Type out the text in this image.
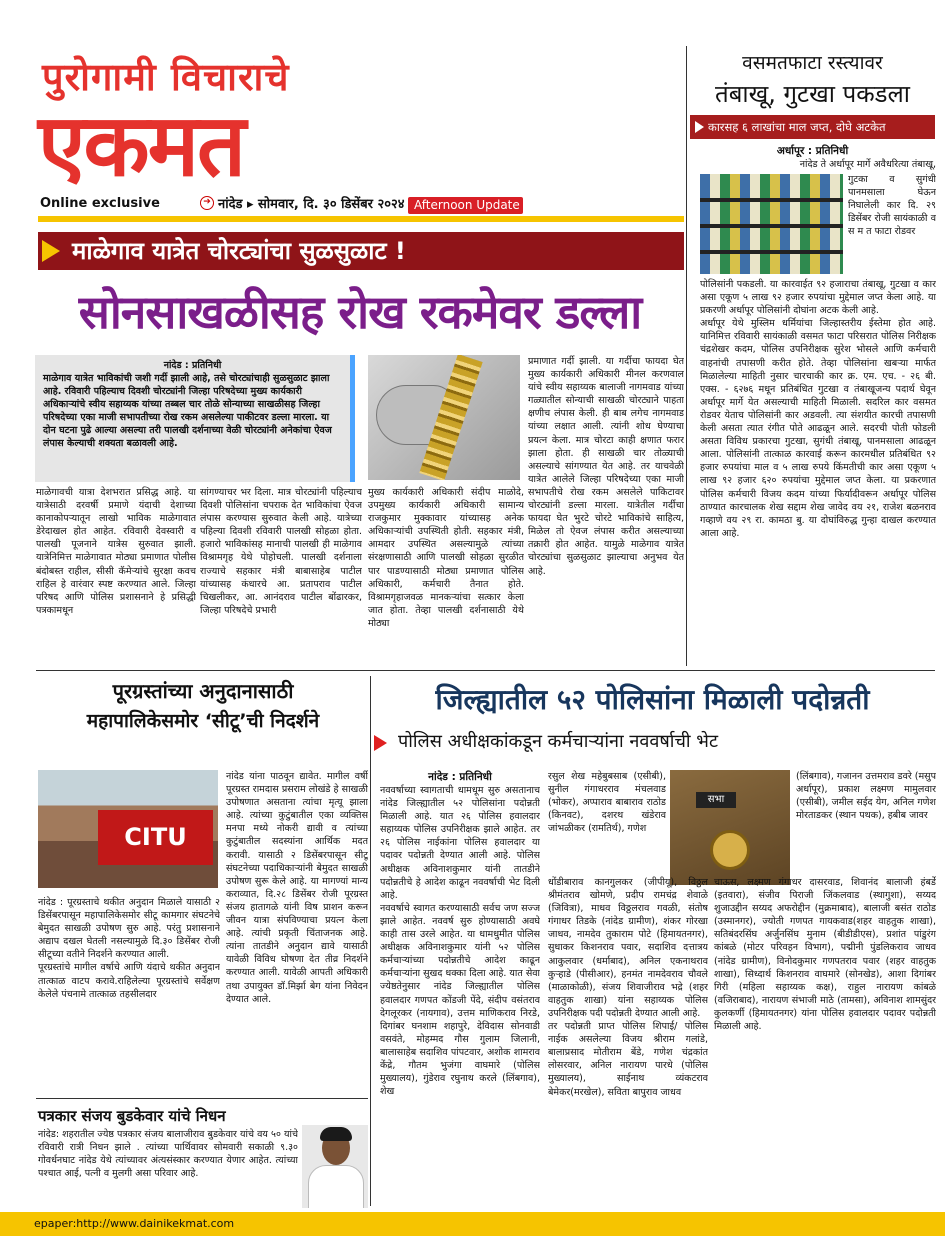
पुरोगामी विचाराचे
एकमत
Online exclusive	➔ नांदेड ▸ सोमवार, दि. ३० डिसेंबर २०२४ Afternoon Update
माळेगाव यात्रेत चोरट्यांचा सुळसुळाट !
सोनसाखळीसह रोख रकमेवर डल्ला
नांदेड : प्रतिनिधी
माळेगाव यात्रेत भाविकांची जशी गर्दी झाली आहे, तसे चोरट्यांचाही सुळसुळाट झाला आहे. रविवारी पहिल्याच दिवशी चोरट्यांनी जिल्हा परिषदेच्या मुख्य कार्यकारी अधिकाऱ्यांचे स्वीय सहाय्यक यांच्या तब्बल चार तोळे सोन्याच्या साखळीसह जिल्हा परिषदेच्या एका माजी सभापतीच्या रोख रकम असलेल्या पाकीटवर डल्ला मारला. या दोन घटना पुढे आल्या असल्या तरी पालखी दर्शनाच्या वेळी चोरट्यांनी अनेकांचा ऐवज लंपास केल्याची शक्यता बळावली आहे.
प्रमाणात गर्दी झाली. या गर्दीचा फायदा घेत मुख्य कार्यकारी अधिकारी मीनल करणवाल यांचे स्वीय सहाय्यक बालाजी नागमवाड यांच्या गळ्यातील सोन्याची साखळी चोरट्याने पाहता क्षणीच लंपास केली. ही बाब लगेच नागमवाड यांच्या लक्षात आली. त्यांनी शोध घेण्याचा प्रयत्न केला. मात्र चोरटा काही क्षणात फरार झाला होता. ही साखळी चार तोळ्याची असल्याचे सांगण्यात येत आहे. तर याचवेळी यात्रेत आलेले जिल्हा परिषदेच्या एका माजी सभापतीचे रोख रकम असलेले पाकिटावर चोरट्यांनी डल्ला मारला. यात्रेतील गर्दीचा फायदा घेत भुरटे चोरटे भाविकांचे साहित्य, मिळेल तो ऐवज लंपास करीत असल्याच्या तक्रारी होत आहेत. यामुळे माळेगाव यात्रेत चोरट्यांचा सुळसुळाट झाल्याचा अनुभव येत आहे.
माळेगावची यात्रा देशभरात प्रसिद्ध आहे. या यात्रेसाठी दरवर्षी प्रमाणे यंदाची देशाच्या कानाकोपऱ्यातून लाखो भाविक माळेगावात डेरेदाखल होत आहेत. रविवारी देवस्वारी व पालखी पूजनाने यात्रेस सुरुवात झाली. यात्रेनिमित्त माळेगावात मोठ्या प्रमाणात पोलीस बंदोबस्त राहील, सीसी कॅमेऱ्यांचे सुरक्षा कवच राहिल हे वारंवार स्पष्ट करण्यात आले. जिल्हा परिषद आणि पोलिस प्रशासनाने हे प्रसिद्धी पत्रकामधून
सांगण्याचर भर दिला. मात्र चोरट्यांनी पहिल्याच दिवशी पोलिसांना चपराक देत भाविकांचा ऐवज लंपास करण्यास सुरुवात केली आहे. यात्रेच्या पहिल्या दिवशी रविवारी पालखी सोहळा होता. हजारो भाविकांसह मानाची पालखी ही माळेगाव विश्रामगृह येथे पोहोचली. पालखी दर्शनाला राज्याचे सहकार मंत्री बाबासाहेब पाटील यांच्यासह कंधारचे आ. प्रतापराव पाटील चिखलीकर, आ. आनंदराव पाटील बोंढारकर, जिल्हा परिषदेचे प्रभारी
मुख्य कार्यकारी अधिकारी संदीप माळोदे, उपमुख्य कार्यकारी अधिकारी सामान्य राजकुमार मुक्कावार यांच्यासह अनेक अधिकाऱ्यांची उपस्थिती होती. सहकार मंत्री, आमदार उपस्थित असल्यामुळे त्यांच्या संरक्षणासाठी आणि पालखी सोहळा सुरळीत पार पाडण्यासाठी मोठ्या प्रमाणात पोलिस अधिकारी, कर्मचारी तैनात होते. विश्रामगृहाजवळ मानकऱ्यांचा सत्कार केला जात होता. तेव्हा पालखी दर्शनासाठी येथे मोठ्या
वसमतफाटा रस्त्यावर
तंबाखू, गुटखा पकडला
कारसह ६ लाखांचा माल जप्त, दोघे अटकेत
अर्धापूर : प्रतिनिधी
नांदेड ते अर्धापूर मार्गे अवैधरित्या तंबाखू,
गुटका व सुगंधी पानमसाला घेऊन निघालेली कार दि. २९ डिसेंबर रोजी सायंकाळी व स म त फाटा रोडवर
पोलिसांनी पकडली. या कारवाईत ९२ हजाराचा तंबाखू, गुटखा व कार असा एकूण ५ लाख ९२ हजार रुपयांचा मुद्देमाल जप्त केला आहे. या प्रकरणी अर्धापूर पोलिसांनी दोघांना अटक केली आहे.
अर्धापूर येथे मुस्लिम धर्मियांचा जिल्हास्तरीय ईस्तेमा होत आहे. यानिमित्त रविवारी सायंकाळी वसमत फाटा परिसरात पोलिस निरीक्षक चंद्रशेखर कदम, पोलिस उपनिरीक्षक सुरेश भोसले आणि कर्मचारी वाहनांची तपासणी करीत होते. तेव्हा पोलिसांना खबऱ्या मार्फत मिळालेल्या माहिती नुसार चारचाकी कार क्र. एम. एच. - २६ बी. एक्स. - ६२७६ मधून प्रतिबंधित गुटखा व तंबाखूजन्य पदार्थ घेवून अर्धापूर मार्गे येत असल्याची माहिती मिळाली. सदरिल कार वसमत रोडवर येताच पोलिसांनी कार अडवली. त्या संशयीत कारची तपासणी केली असता त्यात रंगीत पोते आढळून आले. सदरची पोती फोडली असता विविध प्रकारचा गुटखा, सुगंधी तंबाखू, पानमसाला आढळून आला. पोलिसांनी तात्काळ कारवाई करून कारमधील प्रतिबंधित ९२ हजार रुपयांचा माल व ५ लाख रुपये किंमतीची कार असा एकूण ५ लाख ९२ हजार ६२० रुपयांचा मुद्देमाल जप्त केला. या प्रकरणात पोलिस कर्मचारी विजय कदम यांच्या फिर्यादीवरून अर्धापूर पोलिस ठाण्यात कारचालक शेख सद्दाम शेख जावेद वय २१, राजेश बळनराव गव्हाणे वय २९ रा. कामठा बु. या दोघांविरुद्ध गुन्हा दाखल करण्यात आला आहे.
पूरग्रस्तांच्या अनुदानासाठी
महापालिकेसमोर ‘सीटू’ची निदर्शने
CITU
नांदेड यांना पाठवून द्यावेत. मागील वर्षी पूरग्रस्त रामदास प्रसराम लोखंडे हे साखळी उपोषणात असताना त्यांचा मृत्यू झाला आहे. त्यांच्या कुटुंबातील एका व्यक्तिस मनपा मध्ये नोकरी द्यावी व त्यांच्या कुटुंबातील सदस्यांना आर्थिक मदत करावी. यासाठी २ डिसेंबरपासून सीटू संघटनेच्या पदाधिकाऱ्यांनी बेमुदत साखळी उपोषण सुरू केले आहे. या मागण्यां मान्य कराव्यात, दि.२८ डिसेंबर रोजी पूरग्रस्त संजय हातागळे यांनी विष प्राशन करून जीवन यात्रा संपविण्याचा प्रयत्न केला आहे. त्यांची प्रकृती चिंताजनक आहे. त्यांना तातडीने अनुदान द्यावे यासाठी यावेळी विविध घोषणा देत तीव्र निदर्शने करण्यात आली. यावेळी आपती अधिकारी तथा उपायुक्त डॉ.मिर्झा बेग यांना निवेदन देण्यात आले.
नांदेड : पूरग्रस्ताचे थकीत अनुदान मिळाले यासाठी २ डिसेंबरपासून महापालिकेसमोर सीटू कामगार संघटनेचे बेमुदत साखळी उपोषण सुरु आहे. परंतु प्रशासनाने अद्याप दखल घेतली नसल्यामुळे दि.३० डिसेंबर रोजी सीटूच्या वतीने निदर्शने करण्यात आली.
पूरग्रस्तांचे मागील वर्षाचे आणि यंदाचे थकीत अनुदान तात्काळ वाटप करावे.राहिलेल्या पूरग्रस्तांचे सर्वेक्षण केलेले पंचनामे तात्काळ तहसीलदार
पत्रकार संजय बुडकेवार यांचे निधन
नांदेड: शहरातील ज्येष्ठ पत्रकार संजय बालाजीराव बुडकेवार यांचे वय ५० यांचे रविवारी रात्री निधन झाले . त्यांच्या पार्थिवावर सोमवारी सकाळी ९.३० गोवर्धनघाट नांदेड येथे त्यांच्यावर अंत्यसंस्कार करण्यात येणार आहेत. त्यांच्या पश्चात आई, पत्नी व मुलगी असा परिवार आहे.
जिल्ह्यातील ५२ पोलिसांना मिळाली पदोन्नती
पोलिस अधीक्षकांकडून कर्मचाऱ्यांना नववर्षाची भेट
नांदेड : प्रतिनिधी
नववर्षाच्या स्वागताची धामधूम सुरु असतानाच नांदेड जिल्ह्यातील ५२ पोलिसांना पदोन्नती मिळाली आहे. यात २६ पोलिस हवालदार सहाय्यक पोलिस उपनिरीक्षक झाले आहेत. तर २६ पोलिस नाईकांना पोलिस हवालदार या पदावर पदोन्नती देण्यात आली आहे. पोलिस अधीक्षक अविनाशकुमार यांनी तातडीने पदोन्नतीचे हे आदेश काढून नववर्षाची भेट दिली आहे.
नववर्षाचे स्वागत करण्यासाठी सर्वच जण सज्ज झाले आहेत. नववर्ष सुरु होण्यासाठी अवघे काही तास उरले आहेत. या धामधुमीत पोलिस अधीक्षक अविनाशकुमार यांनी ५२ पोलिस कर्मचाऱ्यांच्या पदोन्नतीचे आदेश काढून कर्मचाऱ्यांना सुखद धक्का दिला आहे. यात सेवा ज्येष्ठतेनुसार नांदेड जिल्ह्यातील पोलिस हवालदार गणपत कोंडजी पेंदे, संदीप वसंतराव देगलूरकर (नायगाव), उत्तम माणिकराव निरडे, दिगांबर घनशाम शहापुरे, देविदास सोनवाडी वसवंते, मोहम्मद गौस गुलाम जिलानी, बालासाहेब सदाशिव पांपटवार, अशोक शामराव केंद्रे, गौतम भुजंगा वाघमारे (पोलिस मुख्यालय), गुंडेराव रघुनाथ करले (लिंबगाव), शेख
रसुल शेख महेबुबसाब (एसीबी), सुनील गंगाधरराव मंचलवाड (भोकर), अप्पाराव बाबाराव राठोड (किनवट), दशरथ खंडेराव जांभळीकर (रामतिर्थ), गणेश
सभा
धोंडीबाराव कानगुलकर (जीपीयू), विठ्ठल श्रीमंतराव खोमणे, प्रदीप रामचंद्र शेवाळे (जिवित्रा), माधव विठ्ठलराव गवळी, संतोष गंगाधर तिडके (नांदेड ग्रामीण), शंकर गोरखा जाधव, नामदेव तुकाराम पोटे (हिमायतनगर), सुधाकर किशनराव पवार, सदाशिव दत्तात्रय आकुलवार (धर्माबाद), अनिल एकनाथराव कुऱ्हाडे (पीसीआर), हनमंत नामदेवराव चौवले (माळाकोळी), संजय शिवाजीराव भद्रे (शहर वाहतुक शाखा) यांना सहाय्यक पोलिस उपनिरीक्षक पदी पदोन्नती देण्यात आली आहे.
तर पदोन्नती प्राप्त पोलिस शिपाई/ पोलिस नाईक असलेल्या विजय श्रीराम गलांडे, बालाप्रसाद मोतीराम बेंडे, गणेश चंद्रकांत लोसरवार, अनिल नारायण पारधे (पोलिस मुख्यालय), साईनाथ व्यंकटराव बेमेकर(मरखेल), सविता बापुराव जाधव
(लिंबगाव), गजानन उत्तमराव डवरे (मसुप अर्धापूर), प्रकाश लक्ष्मण मामुलवार (एसीबी), जमील सईद येग, अनिल गणेश मोरताडकर (स्थान पथक), हबीब जावर
चाऊस, लक्ष्मण गंगाधर दासरवाड, शिवानंद बालाजी हंबर्डे (इतवारा), संजीव पिराजी जिंकलवाड (स्थागुशा), सय्यद शुजाउद्दीन सय्यद अफरोद्दीन (मुक्रमाबाद), बालाजी बसंत राठोड (उस्मानगर), ज्योती गणपत गायकवाड(शहर वाहतुक शाखा), सतिबंदरसिंघ अर्जुनसिंघ मुनाम (बीडीडीएस), प्रशांत पांडुरंग कांबळे (मोटर परिवहन विभाग), पद्मीनी पुंडलिकराव जाधव (नांदेड ग्रामीण), विनोदकुमार गणपतराव पवार (शहर वाहतुक शाखा), सिध्दार्थ किशनराव वाघमारे (सोनखेड), आशा दिगांबर गिरी (महिला सहाय्यक कक्ष), राहुल नारायण कांबळे (वजिराबाद), नारायण संभाजी माठे (तामसा), अविनाश शामसुंदर कुलकर्णी (हिमायतनगर) यांना पोलिस हवालदार पदावर पदोन्नती मिळाली आहे.
epaper:http://www.dainikekmat.com
